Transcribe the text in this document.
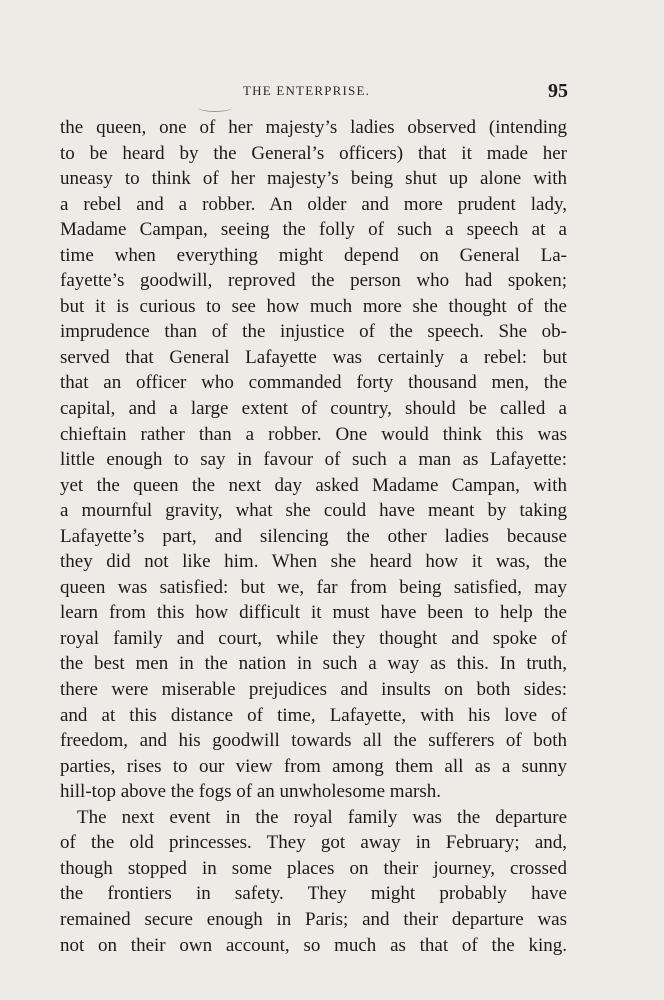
THE ENTERPRISE.	95
the queen, one of her majesty’s ladies observed (intending
to be heard by the General’s officers) that it made her
uneasy to think of her majesty’s being shut up alone with
a rebel and a robber. An older and more prudent lady,
Madame Campan, seeing the folly of such a speech at a
time when everything might depend on General La-
fayette’s goodwill, reproved the person who had spoken;
but it is curious to see how much more she thought of the
imprudence than of the injustice of the speech. She ob-
served that General Lafayette was certainly a rebel: but
that an officer who commanded forty thousand men, the
capital, and a large extent of country, should be called a
chieftain rather than a robber. One would think this was
little enough to say in favour of such a man as Lafayette:
yet the queen the next day asked Madame Campan, with
a mournful gravity, what she could have meant by taking
Lafayette’s part, and silencing the other ladies because
they did not like him. When she heard how it was, the
queen was satisfied: but we, far from being satisfied, may
learn from this how difficult it must have been to help the
royal family and court, while they thought and spoke of
the best men in the nation in such a way as this. In truth,
there were miserable prejudices and insults on both sides:
and at this distance of time, Lafayette, with his love of
freedom, and his goodwill towards all the sufferers of both
parties, rises to our view from among them all as a sunny
hill-top above the fogs of an unwholesome marsh.
The next event in the royal family was the departure
of the old princesses. They got away in February; and,
though stopped in some places on their journey, crossed
the frontiers in safety. They might probably have
remained secure enough in Paris; and their departure was
not on their own account, so much as that of the king.
